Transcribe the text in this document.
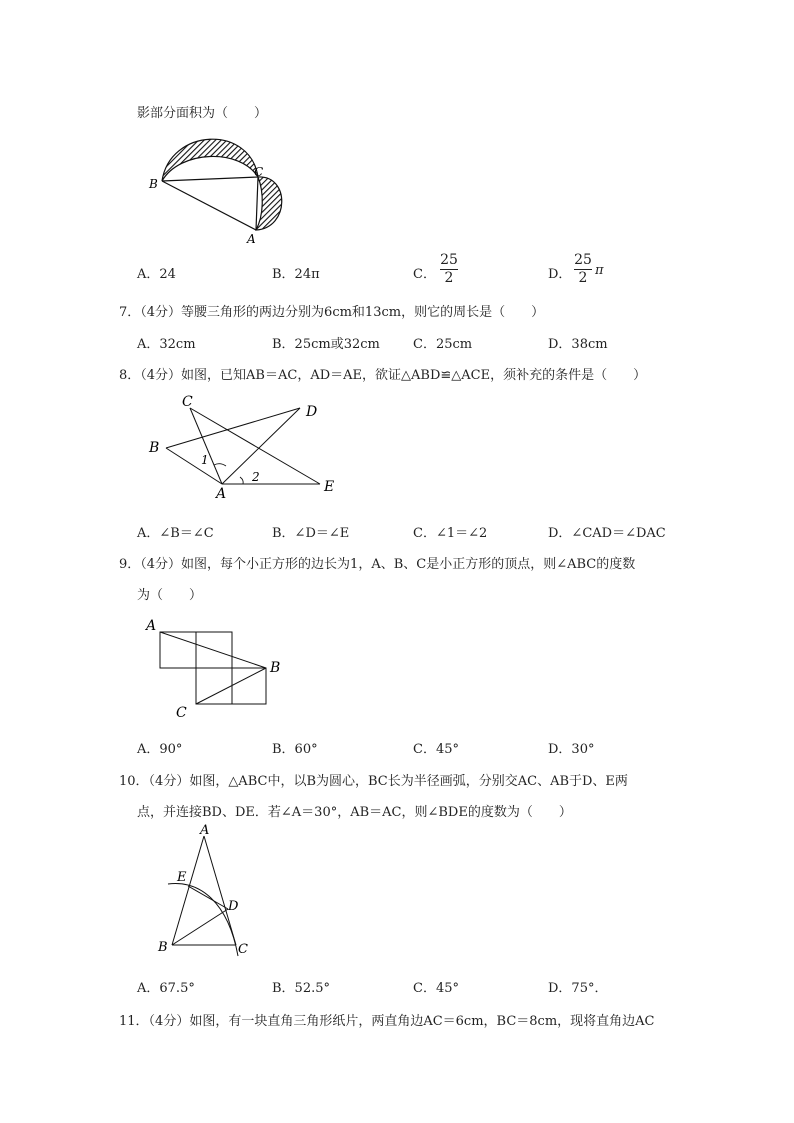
影部分面积为（　　）
B
C
A
A．24	B．24π	C．
25
2	D．
25
2 π
7．（4分）等腰三角形的两边分别为6cm和13cm，则它的周长是（　　）
A．32cm	B．25cm或32cm	C．25cm	D．38cm
8．（4分）如图，已知AB＝AC，AD＝AE，欲证△ABD≌△ACE，须补充的条件是（　　）
C
B
D
A	E
1
2
A．∠B＝∠C	B．∠D＝∠E	C．∠1＝∠2	D．∠CAD＝∠DAC
9．（4分）如图，每个小正方形的边长为1，A、B、C是小正方形的顶点，则∠ABC的度数
为（　　）
A
B
C
A．90°	B．60°	C．45°	D．30°
10．（4分）如图，△ABC中，以B为圆心，BC长为半径画弧，分别交AC、AB于D、E两
点，并连接BD、DE．若∠A＝30°，AB＝AC，则∠BDE的度数为（　　）
A
E
D
B	C
A．67.5°	B．52.5°	C．45°	D．75°．
11．（4分）如图，有一块直角三角形纸片，两直角边AC＝6cm，BC＝8cm，现将直角边AC
